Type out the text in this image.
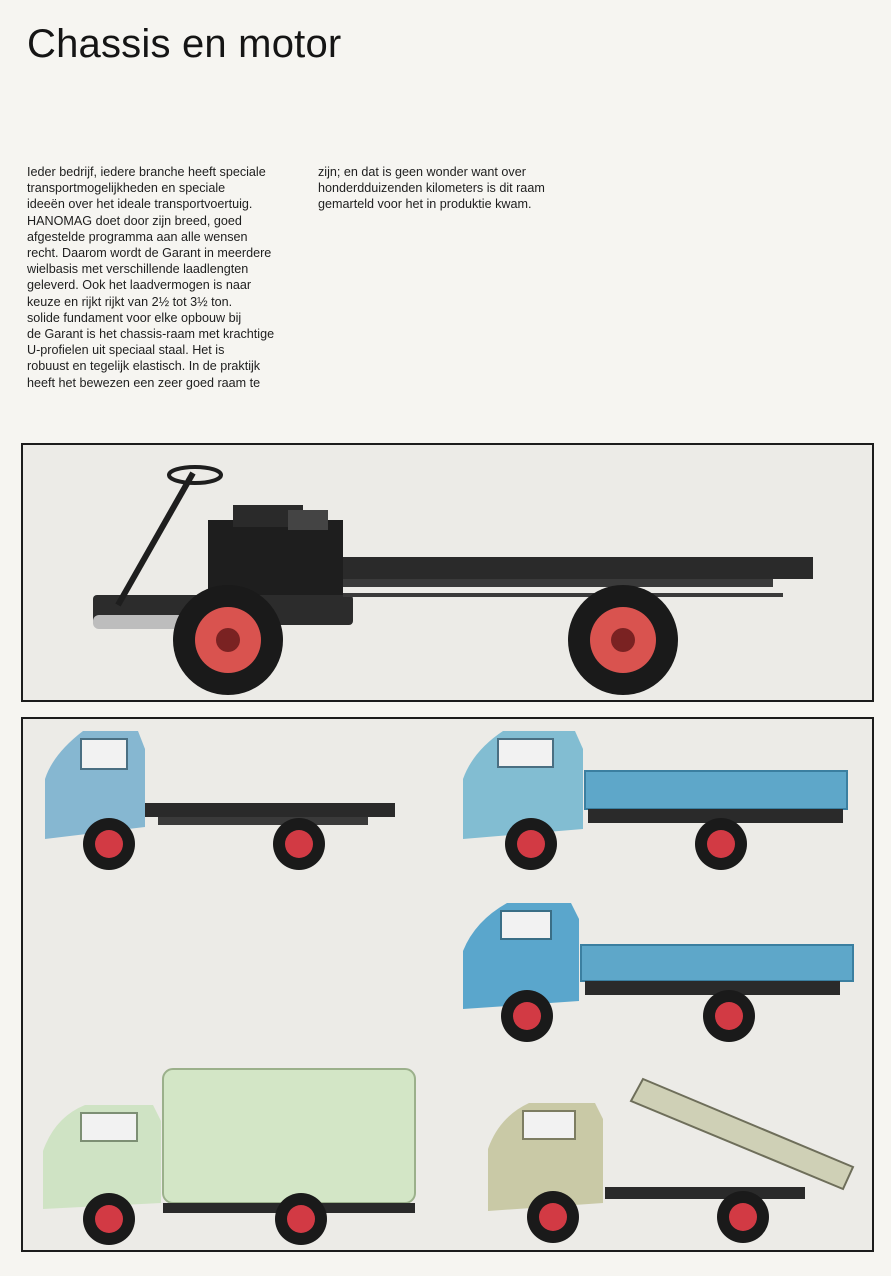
Chassis en motor
Ieder bedrijf, iedere branche heeft speciale
transportmogelijkheden en speciale
ideeën over het ideale transportvoertuig.
HANOMAG doet door zijn breed, goed
afgestelde programma aan alle wensen
recht. Daarom wordt de Garant in meerdere
wielbasis met verschillende laadlengten
geleverd. Ook het laadvermogen is naar
keuze en rijkt rijkt van 2½ tot 3½ ton.
solide fundament voor elke opbouw bij
de Garant is het chassis-raam met krachtige
U-profielen uit speciaal staal. Het is
robuust en tegelijk elastisch. In de praktijk
heeft het bewezen een zeer goed raam te
zijn; en dat is geen wonder want over
honderdduizenden kilometers is dit raam
gemarteld voor het in produktie kwam.
